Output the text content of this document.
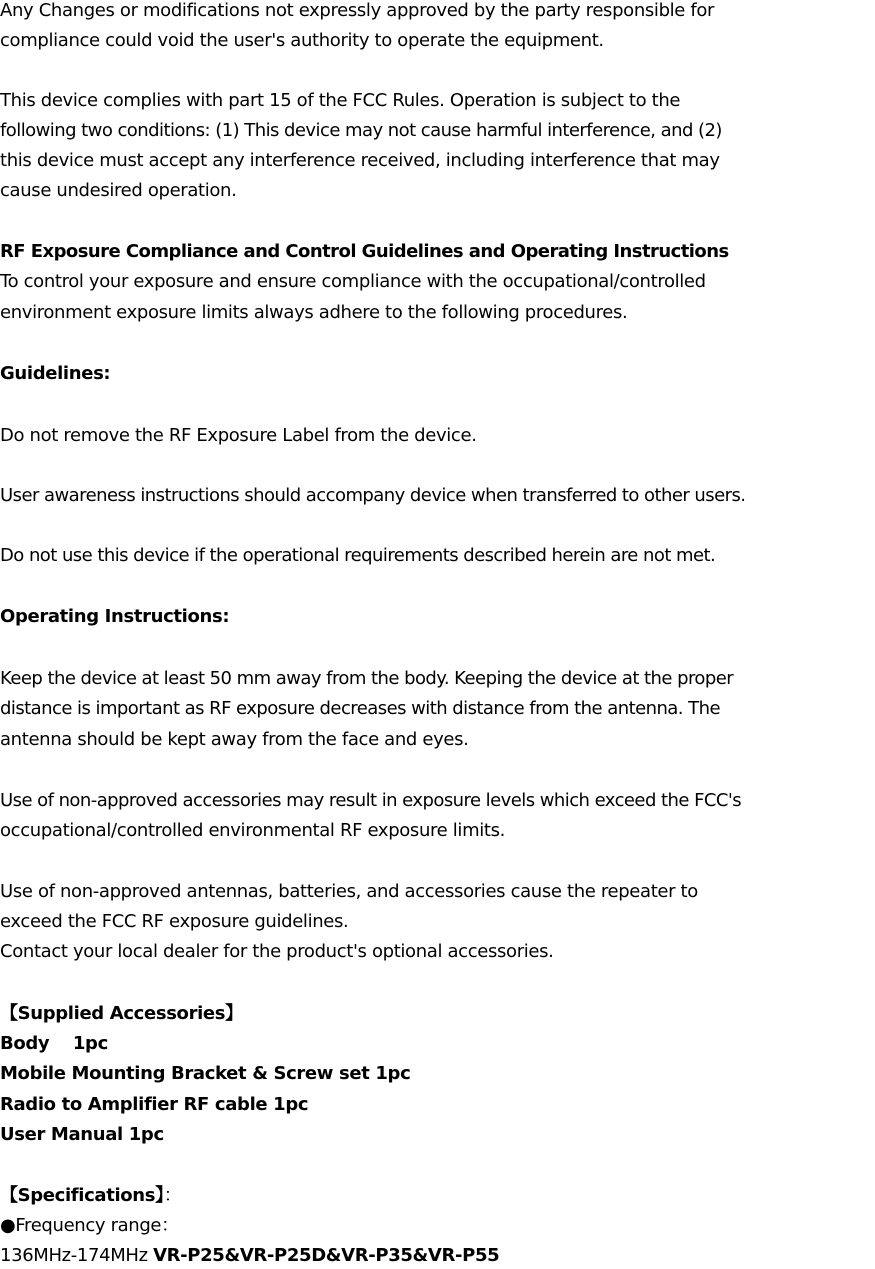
Any Changes or modifications not expressly approved by the party responsible for
compliance could void the user's authority to operate the equipment.
This device complies with part 15 of the FCC Rules. Operation is subject to the
following two conditions: (1) This device may not cause harmful interference, and (2)
this device must accept any interference received, including interference that may
cause undesired operation.
RF Exposure Compliance and Control Guidelines and Operating Instructions
To control your exposure and ensure compliance with the occupational/controlled
environment exposure limits always adhere to the following procedures.
Guidelines:
Do not remove the RF Exposure Label from the device.
User awareness instructions should accompany device when transferred to other users.
Do not use this device if the operational requirements described herein are not met.
Operating Instructions:
Keep the device at least 50 mm away from the body. Keeping the device at the proper
distance is important as RF exposure decreases with distance from the antenna. The
antenna should be kept away from the face and eyes.
Use of non-approved accessories may result in exposure levels which exceed the FCC's
occupational/controlled environmental RF exposure limits.
Use of non-approved antennas, batteries, and accessories cause the repeater to
exceed the FCC RF exposure guidelines.
Contact your local dealer for the product's optional accessories.
【Supplied Accessories】
Body　 1pc
Mobile Mounting Bracket & Screw set 1pc
Radio to Amplifier RF cable 1pc
User Manual 1pc
【Specifications】：
●Frequency range：
136MHz-174MHz VR-P25&VR-P25D&VR-P35&VR-P55
